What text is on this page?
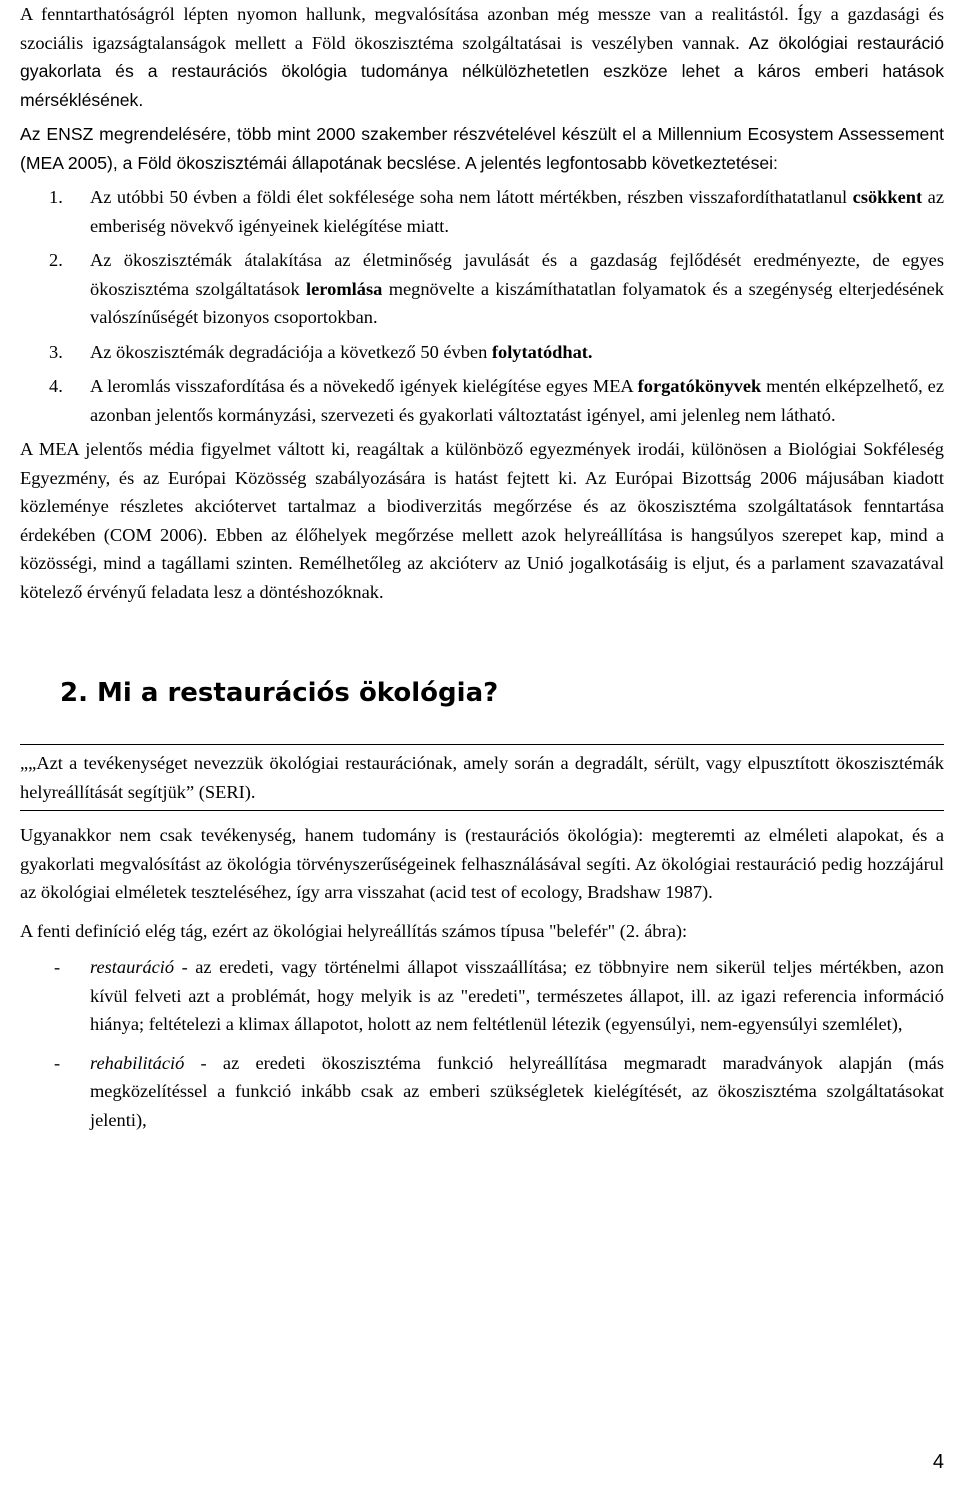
A fenntarthatóságról lépten nyomon hallunk, megvalósítása azonban még messze van a realitástól. Így a gazdasági és szociális igazságtalanságok mellett a Föld ökoszisztéma szolgáltatásai is veszélyben vannak. Az ökológiai restauráció gyakorlata és a restaurációs ökológia tudománya nélkülözhetetlen eszköze lehet a káros emberi hatások mérséklésének.

Az ENSZ megrendelésére, több mint 2000 szakember részvételével készült el a Millennium Ecosystem Assessement (MEA 2005), a Föld ökoszisztémái állapotának becslése. A jelentés legfontosabb következtetései:

1. Az utóbbi 50 évben a földi élet sokfélesége soha nem látott mértékben, részben visszafordíthatatlanul csökkent az emberiség növekvő igényeinek kielégítése miatt.
2. Az ökoszisztémák átalakítása az életminőség javulását és a gazdaság fejlődését eredményezte, de egyes ökoszisztéma szolgáltatások leromlása megnövelte a kiszámíthatatlan folyamatok és a szegénység elterjedésének valószínűségét bizonyos csoportokban.
3. Az ökoszisztémák degradációja a következő 50 évben folytatódhat.
4. A leromlás visszafordítása és a növekedő igények kielégítése egyes MEA forgatókönyvek mentén elképzelhető, ez azonban jelentős kormányzási, szervezeti és gyakorlati változtatást igényel, ami jelenleg nem látható.

A MEA jelentős média figyelmet váltott ki, reagáltak a különböző egyezmények irodái, különösen a Biológiai Sokféleség Egyezmény, és az Európai Közösség szabályozására is hatást fejtett ki. Az Európai Bizottság 2006 májusában kiadott közleménye részletes akciótervet tartalmaz a biodiverzitás megőrzése és az ökoszisztéma szolgáltatások fenntartása érdekében (COM 2006). Ebben az élőhelyek megőrzése mellett azok helyreállítása is hangsúlyos szerepet kap, mind a közösségi, mind a tagállami szinten. Remélhetőleg az akcióterv az Unió jogalkotásáig is eljut, és a parlament szavazatával kötelező érvényű feladata lesz a döntéshozóknak.

2. Mi a restaurációs ökológia?

„„Azt a tevékenységet nevezzük ökológiai restaurációnak, amely során a degradált, sérült, vagy elpusztított ökoszisztémák helyreállítását segítjük” (SERI).

Ugyanakkor nem csak tevékenység, hanem tudomány is (restaurációs ökológia): megteremti az elméleti alapokat, és a gyakorlati megvalósítást az ökológia törvényszerűségeinek felhasználásával segíti. Az ökológiai restauráció pedig hozzájárul az ökológiai elméletek teszteléséhez, így arra visszahat (acid test of ecology, Bradshaw 1987).

A fenti definíció elég tág, ezért az ökológiai helyreállítás számos típusa "belefér" (2. ábra):

- restauráció - az eredeti, vagy történelmi állapot visszaállítása; ez többnyire nem sikerül teljes mértékben, azon kívül felveti azt a problémát, hogy melyik is az "eredeti", természetes állapot, ill. az igazi referencia információ hiánya; feltételezi a klimax állapotot, holott az nem feltétlenül létezik (egyensúlyi, nem-egyensúlyi szemlélet),
- rehabilitáció - az eredeti ökoszisztéma funkció helyreállítása megmaradt maradványok alapján (más megközelítéssel a funkció inkább csak az emberi szükségletek kielégítését, az ökoszisztéma szolgáltatásokat jelenti),
4
